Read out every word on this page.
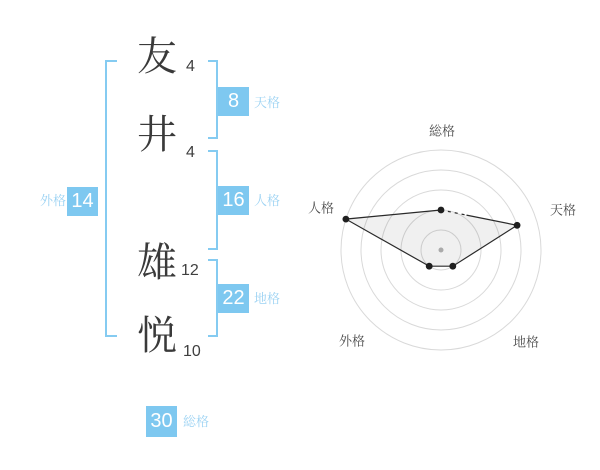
友 4
井 4
雄 12
悦 10
外格 14
8	天格
16 人格
22 地格
30 総格
総格
天格
地格
外格
人格
